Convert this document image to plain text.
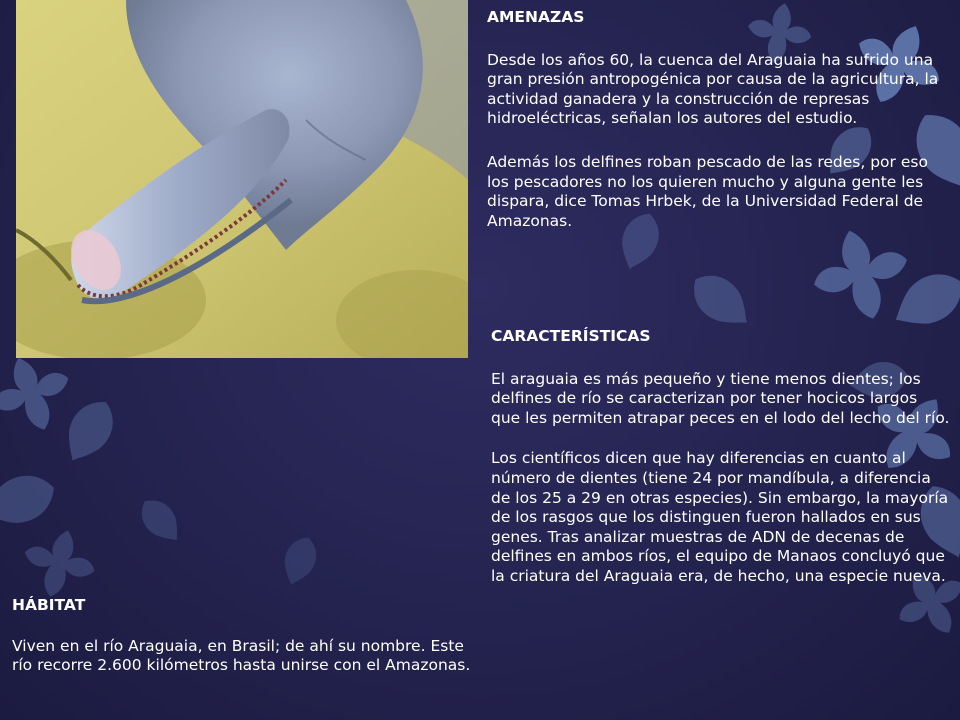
AMENAZAS

Desde los años 60, la cuenca del Araguaia ha sufrido una gran presión antropogénica por causa de la agricultura, la actividad ganadera y la construcción de represas hidroeléctricas, señalan los autores del estudio.

Además los delfines roban pescado de las redes, por eso los pescadores no los quieren mucho y alguna gente les dispara, dice Tomas Hrbek, de la Universidad Federal de Amazonas.

CARACTERÍSTICAS

El araguaia es más pequeño y tiene menos dientes; los delfines de río se caracterizan por tener hocicos largos que les permiten atrapar peces en el lodo del lecho del río.

Los científicos dicen que hay diferencias en cuanto al número de dientes (tiene 24 por mandíbula, a diferencia de los 25 a 29 en otras especies). Sin embargo, la mayoría de los rasgos que los distinguen fueron hallados en sus genes. Tras analizar muestras de ADN de decenas de delfines en ambos ríos, el equipo de Manaos concluyó que la criatura del Araguaia era, de hecho, una especie nueva.

HÁBITAT

Viven en el río Araguaia, en Brasil; de ahí su nombre. Este río recorre 2.600 kilómetros hasta unirse con el Amazonas.
